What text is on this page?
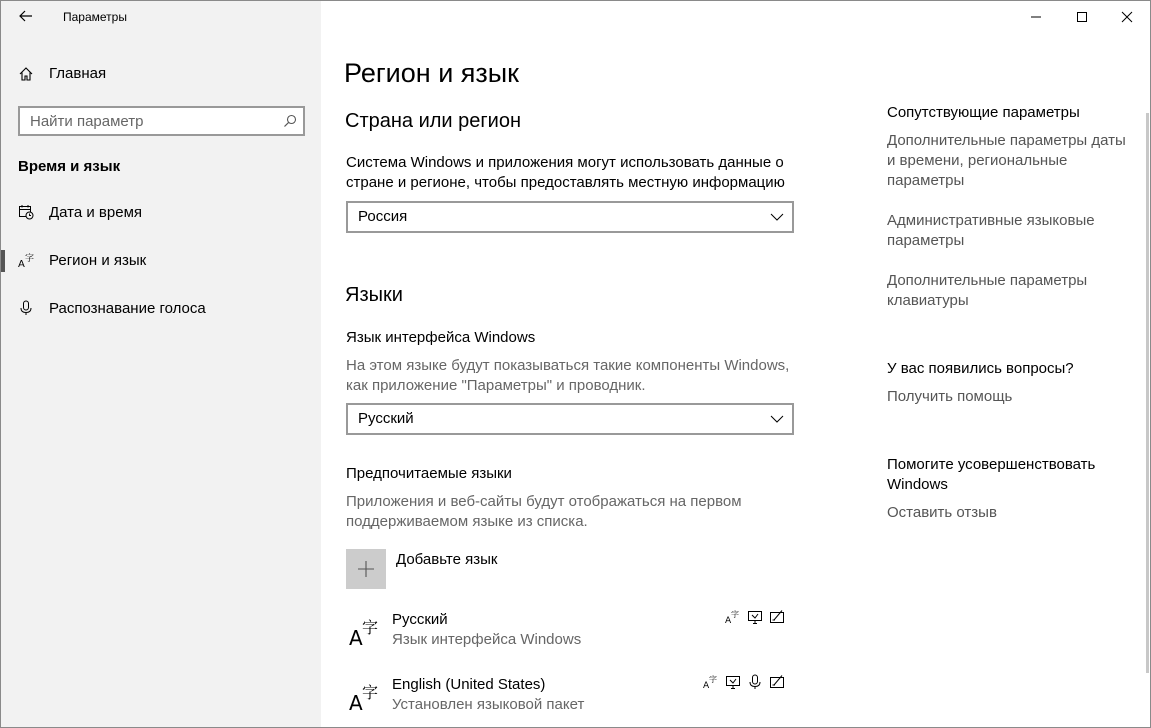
Параметры
Главная
Найти параметр
Время и язык
Дата и время
A 字 Регион и язык
Распознавание голоса
Регион и язык
Страна или регион
Система Windows и приложения могут использовать данные о стране и регионе, чтобы предоставлять местную информацию
Россия
Языки
Язык интерфейса Windows
На этом языке будут показываться такие компоненты Windows, как приложение "Параметры" и проводник.
Русский
Предпочитаемые языки
Приложения и веб-сайты будут отображаться на первом поддерживаемом языке из списка.
Добавьте язык
A 字 Русский
Язык интерфейса Windows
A
字
A 字 English (United States)
Установлен языковой пакет
A
字
Сопутствующие параметры
Дополнительные параметры даты и времени, региональные параметры
Административные языковые параметры
Дополнительные параметры клавиатуры
У вас появились вопросы?
Получить помощь
Помогите усовершенствовать Windows
Оставить отзыв
